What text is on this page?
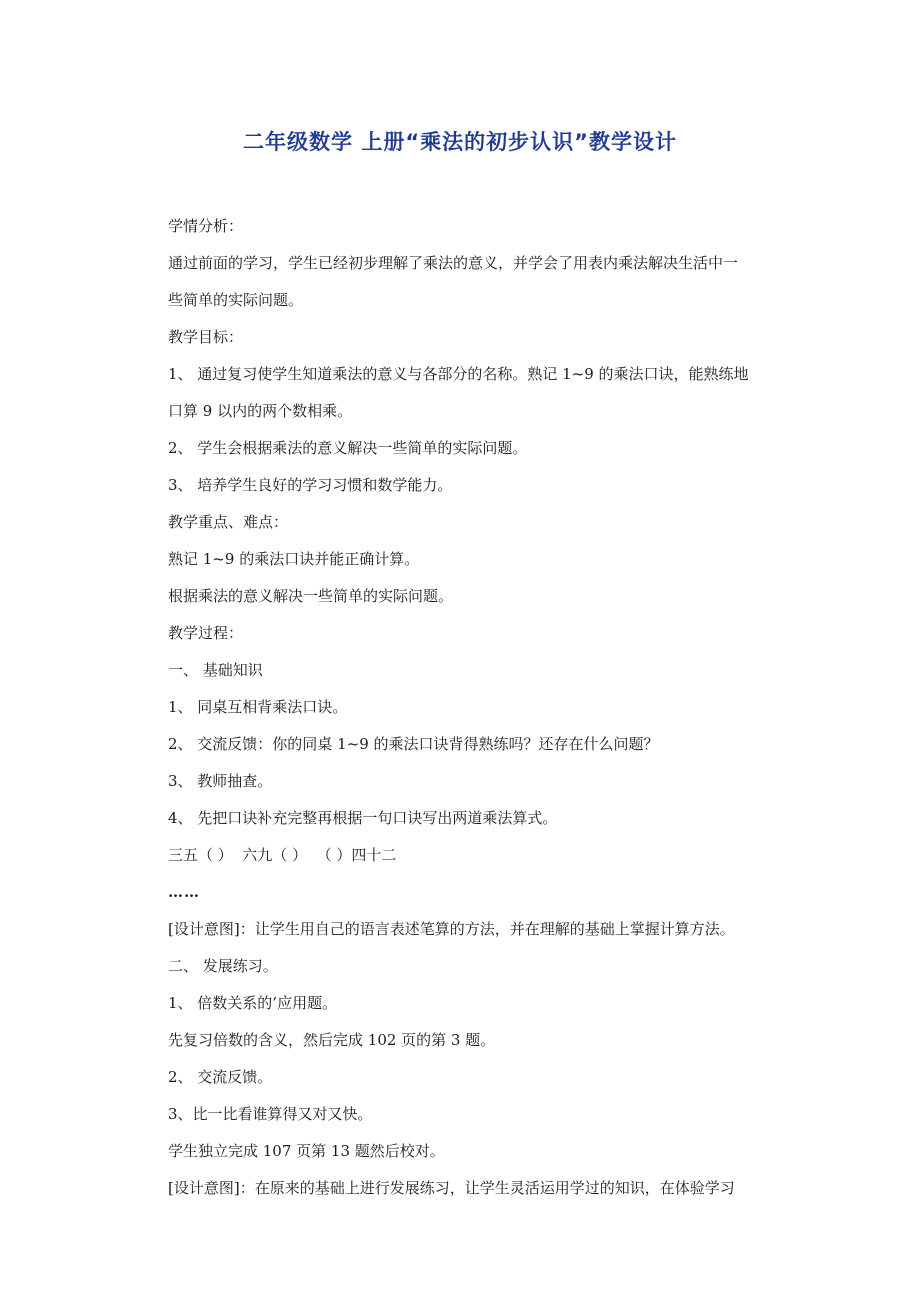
二年级数学 上册“乘法的初步认识”教学设计

学情分析：

通过前面的学习，学生已经初步理解了乘法的意义，并学会了用表内乘法解决生活中一

些简单的实际问题。

教学目标：

1、 通过复习使学生知道乘法的意义与各部分的名称。熟记 1~9 的乘法口诀，能熟练地

口算 9 以内的两个数相乘。

2、 学生会根据乘法的意义解决一些简单的实际问题。

3、 培养学生良好的学习习惯和数学能力。

教学重点、难点：

熟记 1~9 的乘法口诀并能正确计算。

根据乘法的意义解决一些简单的实际问题。

教学过程：

一、 基础知识

1、 同桌互相背乘法口诀。

2、 交流反馈：你的同桌 1~9 的乘法口诀背得熟练吗？还存在什么问题？

3、 教师抽查。

4、 先把口诀补充完整再根据一句口诀写出两道乘法算式。

三五（ ）  六九（ ）  （ ）四十二

……

[设计意图]：让学生用自己的语言表述笔算的方法，并在理解的基础上掌握计算方法。

二、 发展练习。

1、 倍数关系的’应用题。

先复习倍数的含义，然后完成 102 页的第 3 题。

2、 交流反馈。

3、比一比看谁算得又对又快。

学生独立完成 107 页第 13 题然后校对。

[设计意图]：在原来的基础上进行发展练习，让学生灵活运用学过的知识，在体验学习
